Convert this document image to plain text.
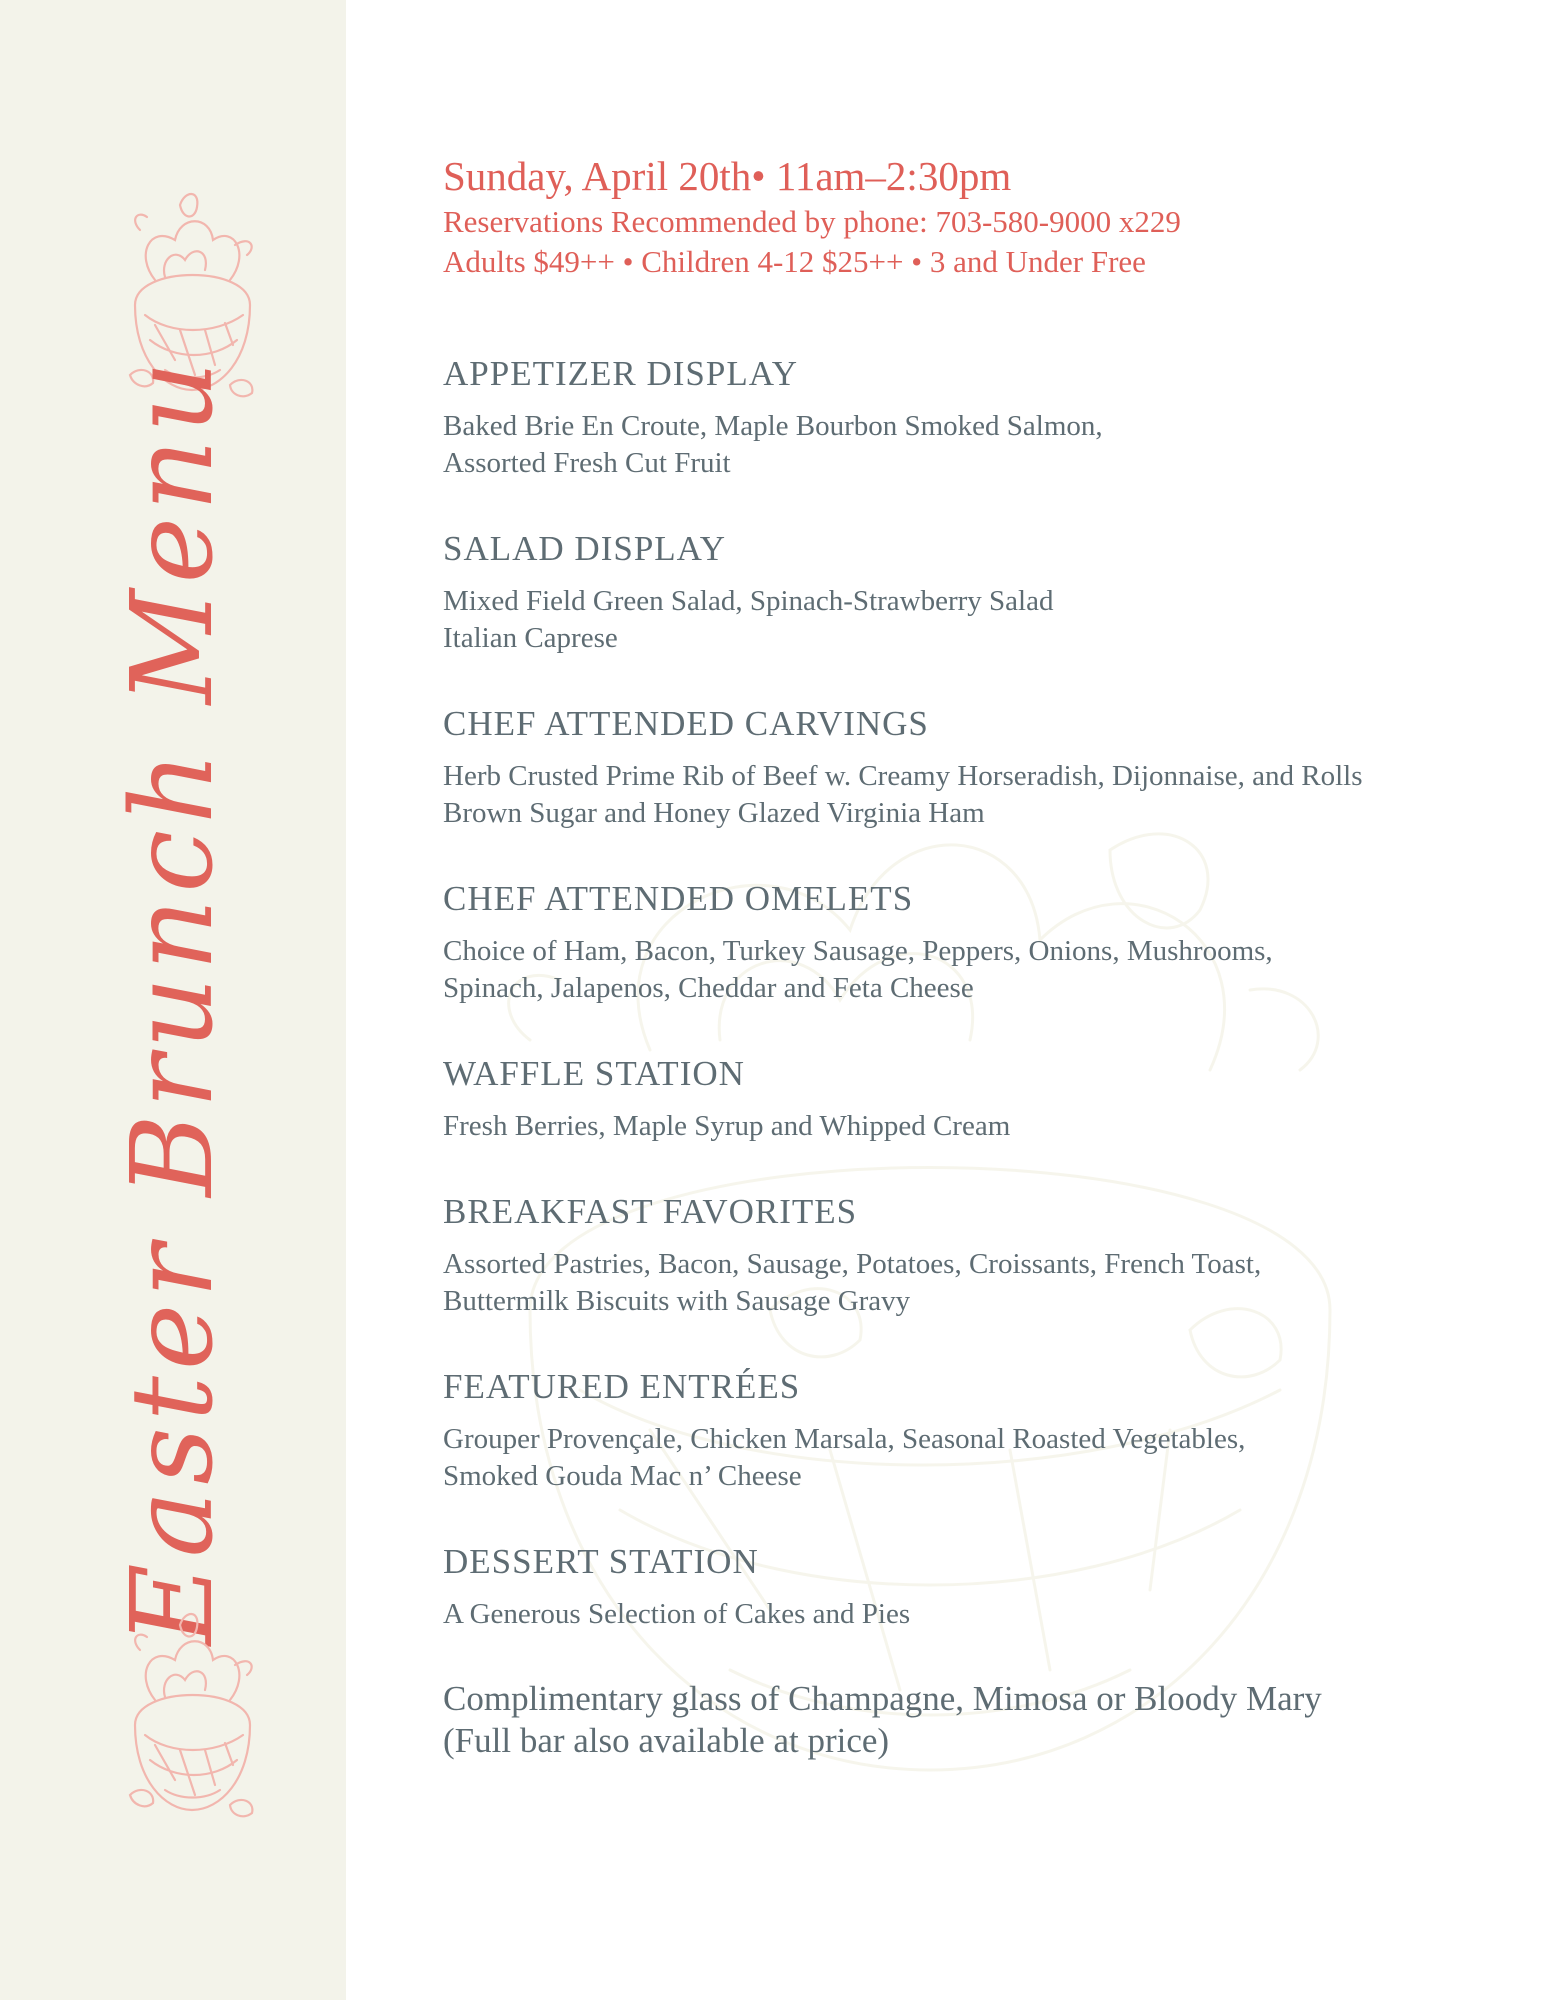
Easter Brunch Menu
Sunday, April 20th• 11am–2:30pm
Reservations Recommended by phone: 703-580-9000 x229
Adults $49++ • Children 4-12 $25++ • 3 and Under Free
APPETIZER DISPLAY
Baked Brie En Croute, Maple Bourbon Smoked Salmon,
Assorted Fresh Cut Fruit
SALAD DISPLAY
Mixed Field Green Salad, Spinach-Strawberry Salad
Italian Caprese
CHEF ATTENDED CARVINGS
Herb Crusted Prime Rib of Beef w. Creamy Horseradish, Dijonnaise, and Rolls
Brown Sugar and Honey Glazed Virginia Ham
CHEF ATTENDED OMELETS
Choice of Ham, Bacon, Turkey Sausage, Peppers, Onions, Mushrooms,
Spinach, Jalapenos, Cheddar and Feta Cheese
WAFFLE STATION
Fresh Berries, Maple Syrup and Whipped Cream
BREAKFAST FAVORITES
Assorted Pastries, Bacon, Sausage, Potatoes, Croissants, French Toast,
Buttermilk Biscuits with Sausage Gravy
FEATURED ENTRÉES
Grouper Provençale, Chicken Marsala, Seasonal Roasted Vegetables,
Smoked Gouda Mac n’ Cheese
DESSERT STATION
A Generous Selection of Cakes and Pies
Complimentary glass of Champagne, Mimosa or Bloody Mary
(Full bar also available at price)
